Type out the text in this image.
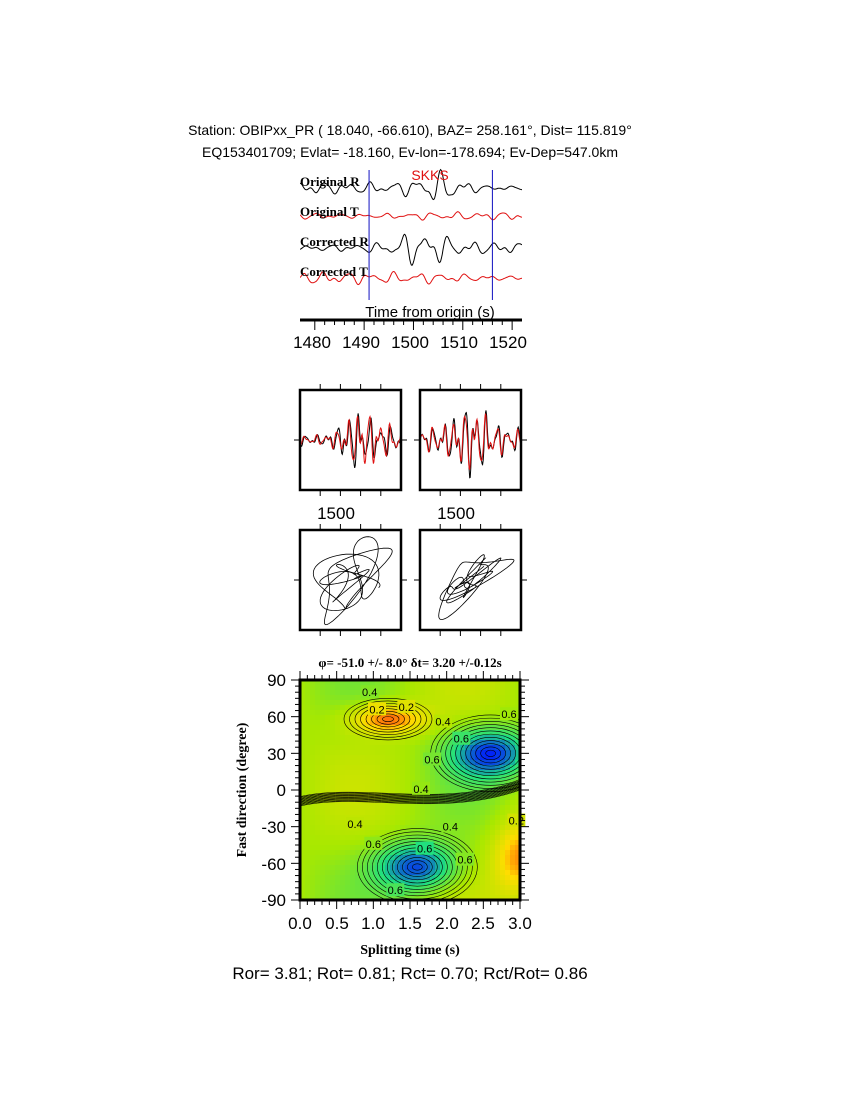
Station: OBIPxx_PR ( 18.040, -66.610), BAZ= 258.161°, Dist= 115.819°
EQ153401709; Evlat= -18.160, Ev-lon=-178.694; Ev-Dep=547.0km
Original R
Original T
Corrected R
Corrected T
SKKS
Time from origin (s)
1480 1490 1500 1510 1520
1500	1500
φ= -51.0 +/- 8.0° δt= 3.20 +/-0.12s
0.4
0.2 0.2
0.4
0.6
0.6
0.6
0.4
0.4
0.6
0.4
0.6
0.6
0.2
0.6
0.0 0.5 1.0 1.5 2.0 2.5 3.0
-90
-60
-30
0
30
60
90
Splitting time (s)
Fast direction (degree)
Ror= 3.81; Rot= 0.81; Rct= 0.70; Rct/Rot= 0.86
